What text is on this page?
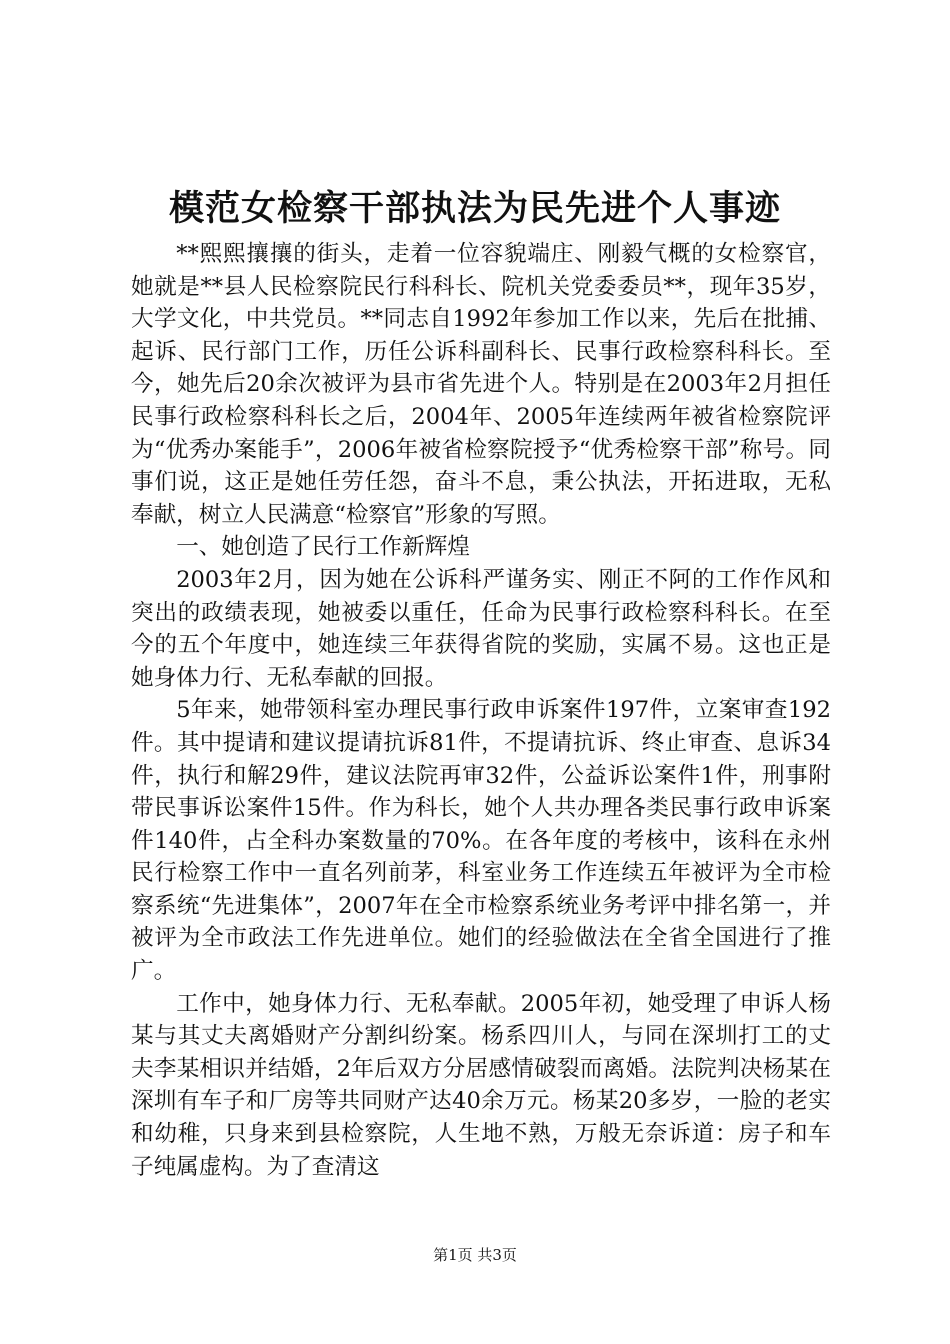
模范女检察干部执法为民先进个人事迹

**熙熙攘攘的街头，走着一位容貌端庄、刚毅气概的女检察官，她就是**县人民检察院民行科科长、院机关党委委员**，现年35岁，大学文化，中共党员。**同志自1992年参加工作以来，先后在批捕、起诉、民行部门工作，历任公诉科副科长、民事行政检察科科长。至今，她先后20余次被评为县市省先进个人。特别是在2003年2月担任民事行政检察科科长之后，2004年、2005年连续两年被省检察院评为“优秀办案能手”，2006年被省检察院授予“优秀检察干部”称号。同事们说，这正是她任劳任怨，奋斗不息，秉公执法，开拓进取，无私奉献，树立人民满意“检察官”形象的写照。

一、她创造了民行工作新辉煌

2003年2月，因为她在公诉科严谨务实、刚正不阿的工作作风和突出的政绩表现，她被委以重任，任命为民事行政检察科科长。在至今的五个年度中，她连续三年获得省院的奖励，实属不易。这也正是她身体力行、无私奉献的回报。

5年来，她带领科室办理民事行政申诉案件197件，立案审查192件。其中提请和建议提请抗诉81件，不提请抗诉、终止审查、息诉34件，执行和解29件，建议法院再审32件，公益诉讼案件1件，刑事附带民事诉讼案件15件。作为科长，她个人共办理各类民事行政申诉案件140件，占全科办案数量的70%。在各年度的考核中，该科在永州民行检察工作中一直名列前茅，科室业务工作连续五年被评为全市检察系统“先进集体”，2007年在全市检察系统业务考评中排名第一，并被评为全市政法工作先进单位。她们的经验做法在全省全国进行了推广。

工作中，她身体力行、无私奉献。2005年初，她受理了申诉人杨某与其丈夫离婚财产分割纠纷案。杨系四川人，与同在深圳打工的丈夫李某相识并结婚，2年后双方分居感情破裂而离婚。法院判决杨某在深圳有车子和厂房等共同财产达40余万元。杨某20多岁，一脸的老实和幼稚，只身来到县检察院，人生地不熟，万般无奈诉道：房子和车子纯属虚构。为了查清这

第1页 共3页
